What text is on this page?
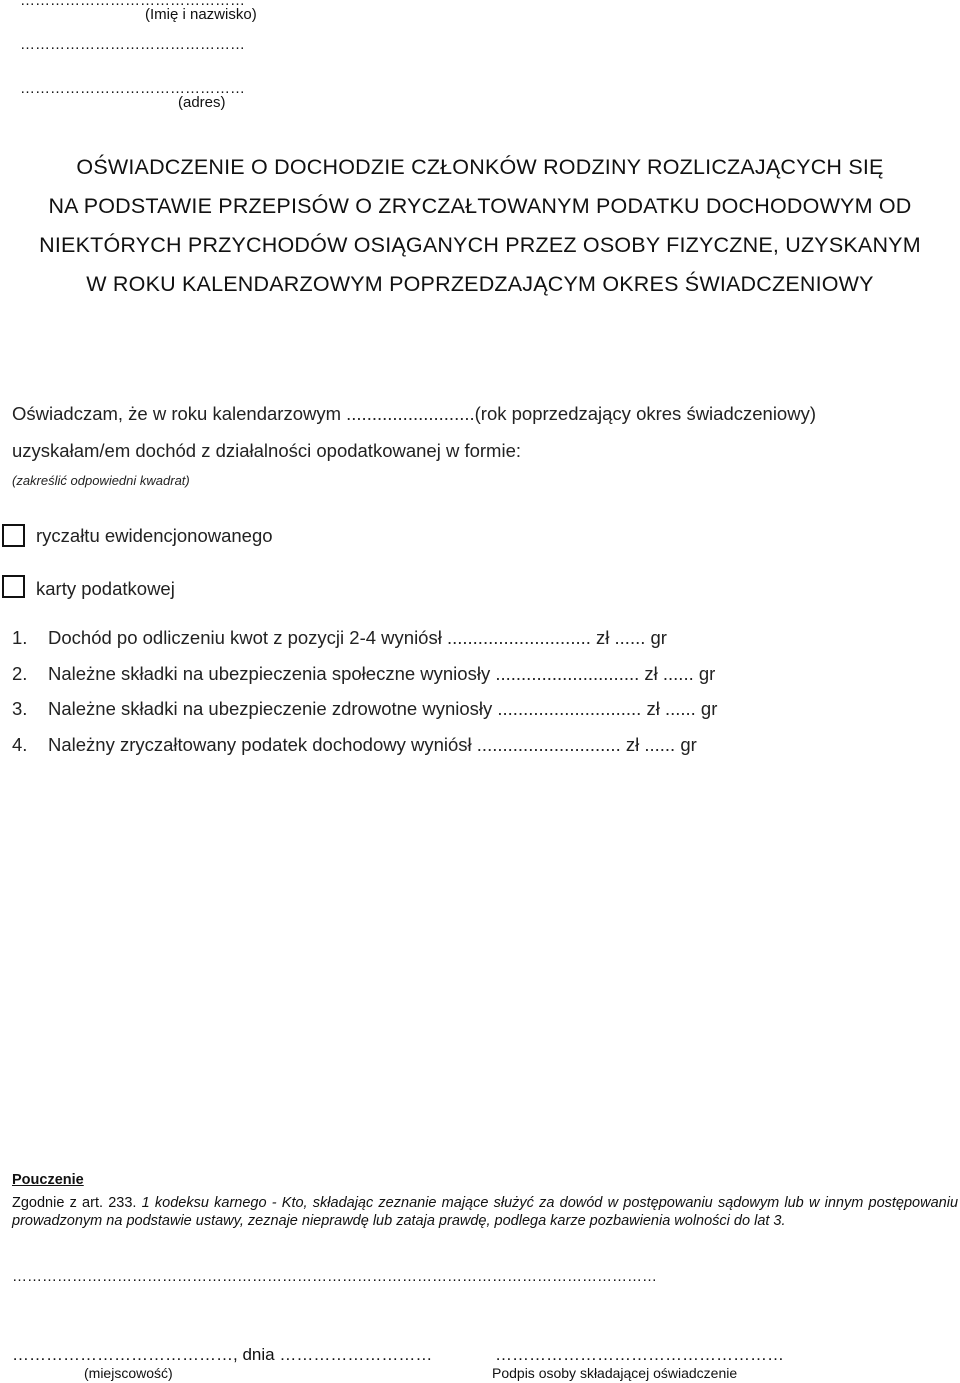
………………………………………
(Imię i nazwisko)
………………………………………
………………………………………
(adres)
OŚWIADCZENIE O DOCHODZIE CZŁONKÓW RODZINY ROZLICZAJĄCYCH SIĘ
NA PODSTAWIE PRZEPISÓW O ZRYCZAŁTOWANYM PODATKU DOCHODOWYM OD
NIEKTÓRYCH PRZYCHODÓW OSIĄGANYCH PRZEZ OSOBY FIZYCZNE, UZYSKANYM
W ROKU KALENDARZOWYM POPRZEDZAJĄCYM OKRES ŚWIADCZENIOWY
Oświadczam, że w roku kalendarzowym .........................(rok poprzedzający okres świadczeniowy)
uzyskałam/em dochód z działalności opodatkowanej w formie:
(zakreślić odpowiedni kwadrat)
ryczałtu ewidencjonowanego
karty podatkowej
1. Dochód po odliczeniu kwot z pozycji 2-4 wyniósł ............................ zł ...... gr
2. Należne składki na ubezpieczenia społeczne wyniosły ............................ zł ...... gr
3. Należne składki na ubezpieczenie zdrowotne wyniosły ............................ zł ...... gr
4. Należny zryczałtowany podatek dochodowy wyniósł ............................ zł ...... gr
Pouczenie
Zgodnie z art. 233. 1 kodeksu karnego - Kto, składając zeznanie mające służyć za dowód w postępowaniu sądowym lub w innym postępowaniu prowadzonym na podstawie ustawy, zeznaje nieprawdę lub zataja prawdę, podlega karze pozbawienia wolności do lat 3.
…………………………………………………………………………………………………………………
…………………………………, dnia ………………………	……………………………………………
(miejscowość)	Podpis osoby składającej oświadczenie
